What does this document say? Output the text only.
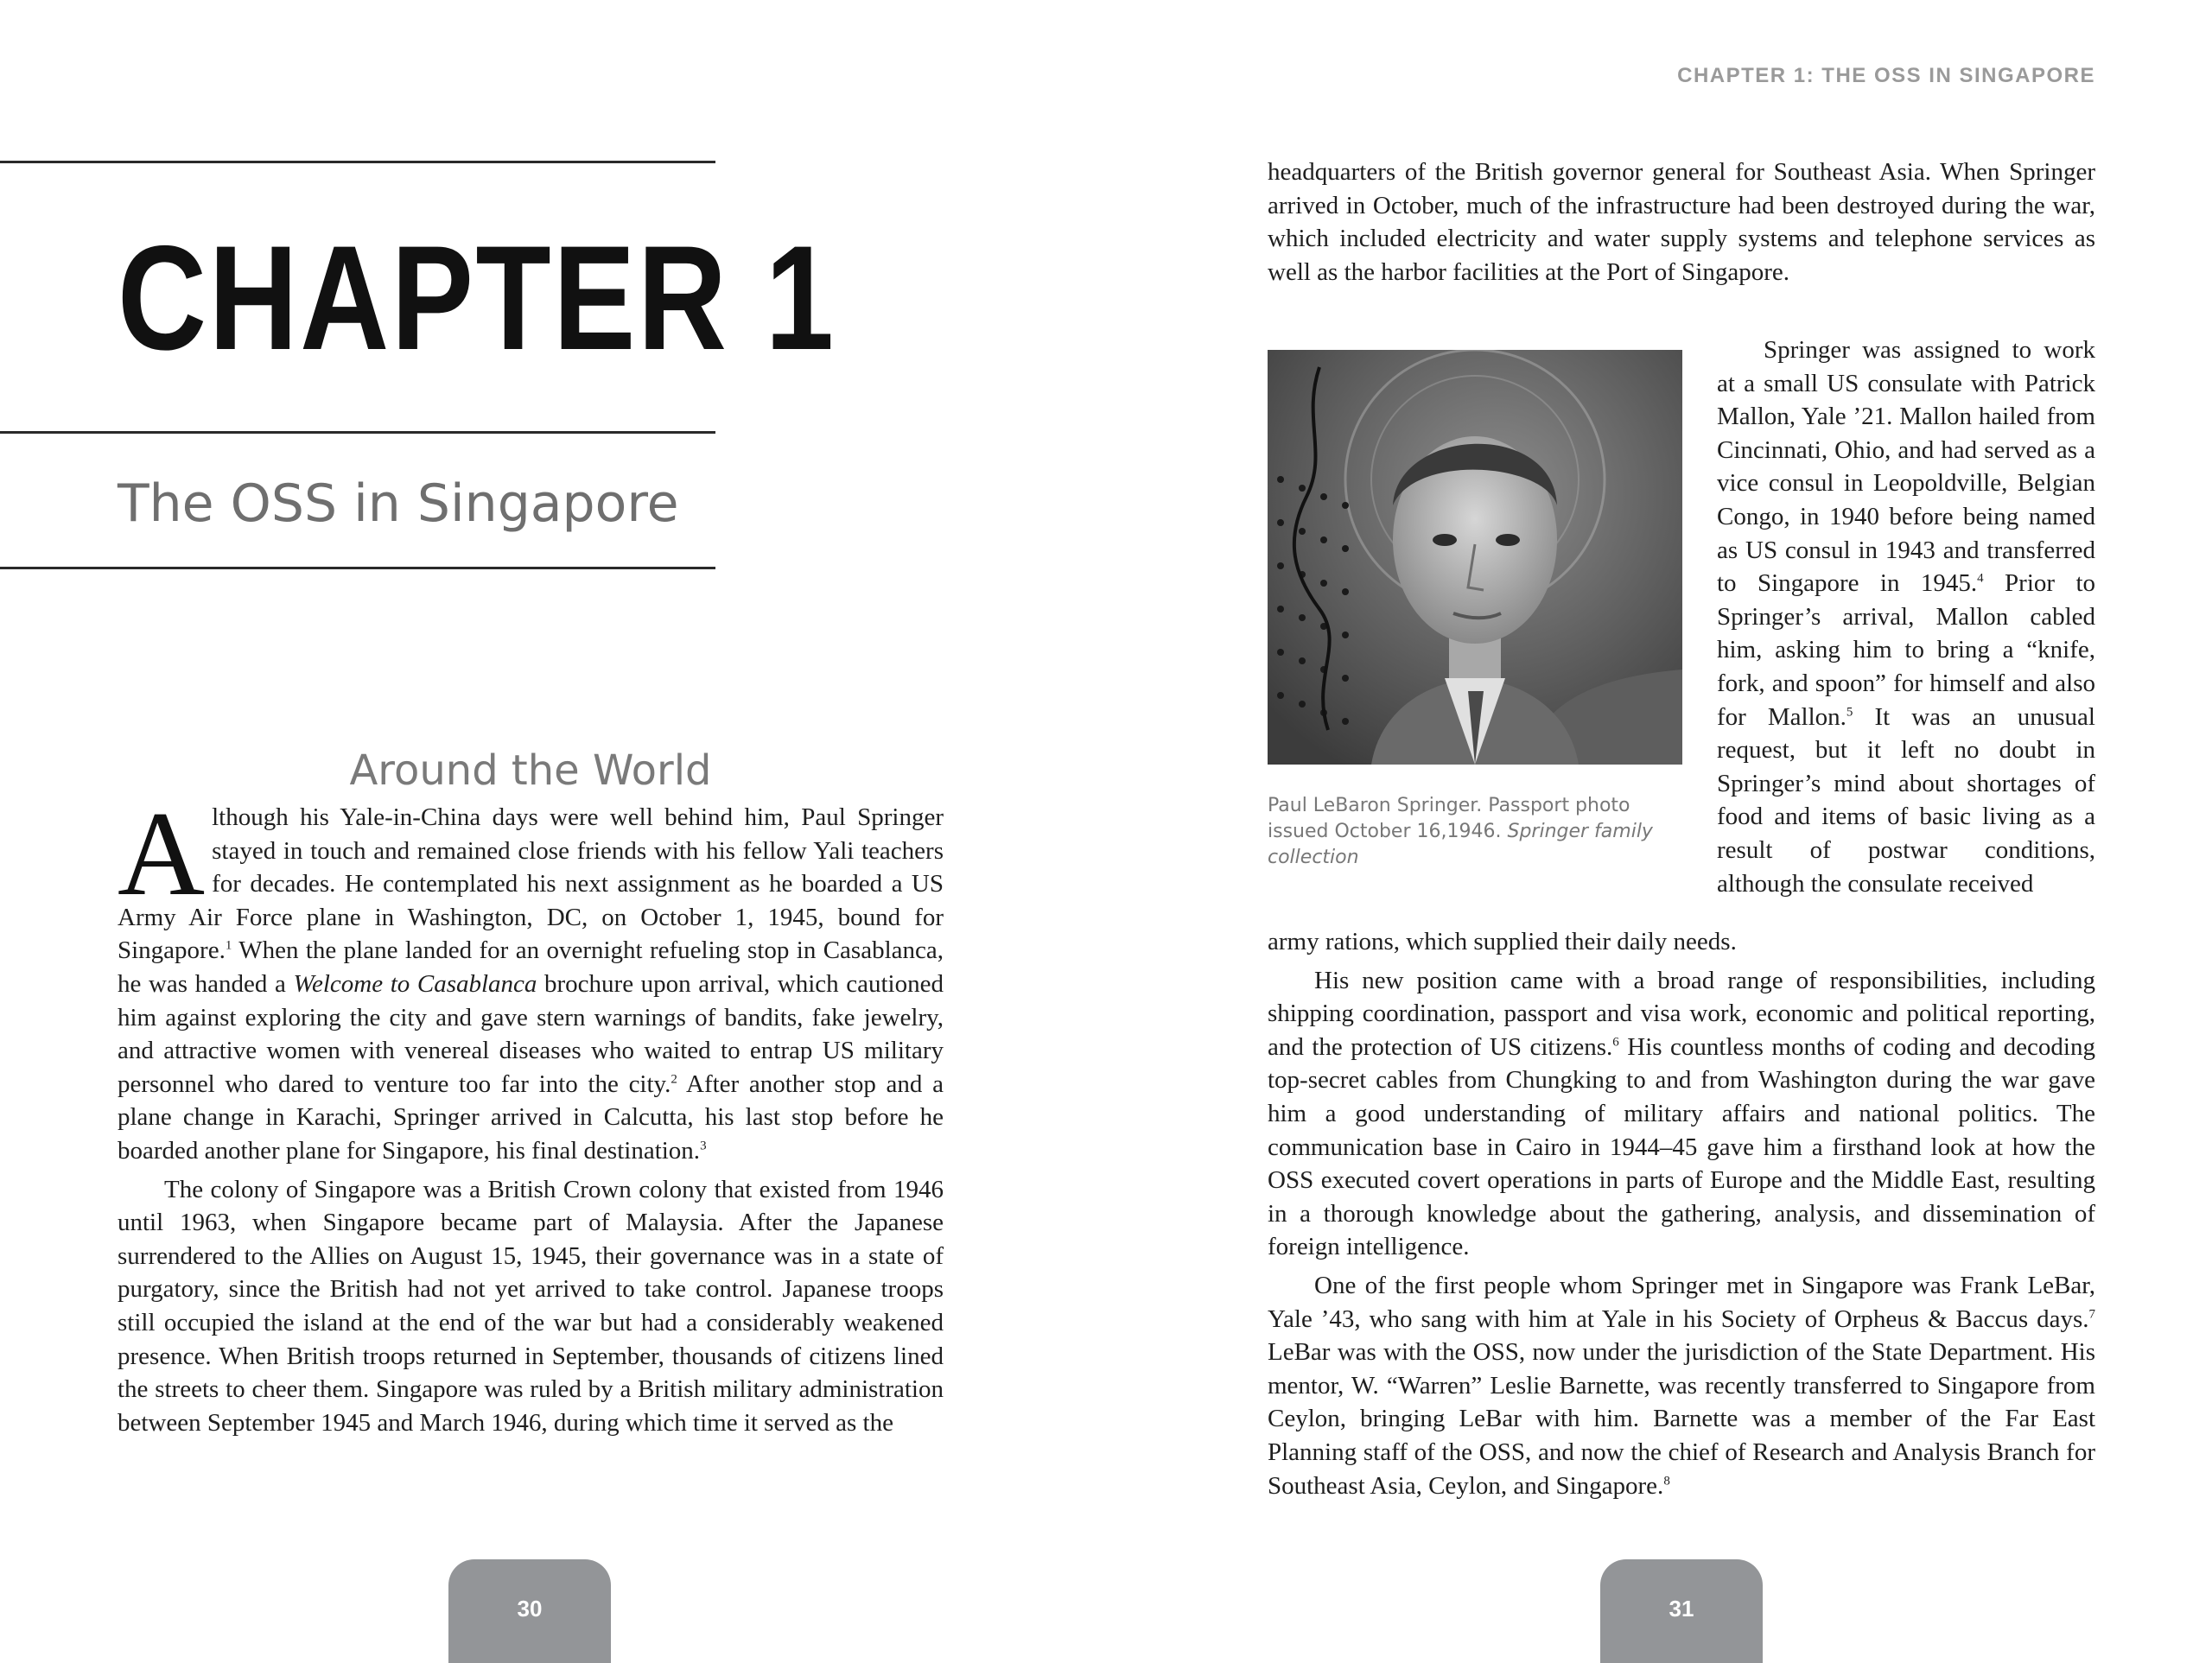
CHAPTER 1
The OSS in Singapore
Around the World

Although his Yale-in-China days were well behind him, Paul Springer stayed in touch and remained close friends with his fellow Yali teachers for decades. He contemplated his next assignment as he boarded a US Army Air Force plane in Washington, DC, on October 1, 1945, bound for Singapore.$^1$ When the plane landed for an overnight refueling stop in Casablanca, he was handed a Welcome to Casablanca brochure upon arrival, which cautioned him against exploring the city and gave stern warnings of bandits, fake jewelry, and attractive women with venereal diseases who waited to entrap US military personnel who dared to venture too far into the city.$^2$ After another stop and a plane change in Karachi, Springer arrived in Calcutta, his last stop before he boarded another plane for Singapore, his final destination.$^3$

The colony of Singapore was a British Crown colony that existed from 1946 until 1963, when Singapore became part of Malaysia. After the Japanese surrendered to the Allies on August 15, 1945, their governance was in a state of purgatory, since the British had not yet arrived to take control. Japanese troops still occupied the island at the end of the war but had a considerably weakened presence. When British troops returned in September, thousands of citizens lined the streets to cheer them. Singapore was ruled by a British military administration between September 1945 and March 1946, during which time it served as the

30
CHAPTER 1: THE OSS IN SINGAPORE

headquarters of the British governor general for Southeast Asia. When Springer arrived in October, much of the infrastructure had been destroyed during the war, which included electricity and water supply systems and telephone services as well as the harbor facilities at the Port of Singapore.

Paul LeBaron Springer. Passport photo issued October 16,1946. Springer family collection

Springer was assigned to work at a small US consulate with Patrick Mallon, Yale ’21. Mallon hailed from Cincinnati, Ohio, and had served as a vice consul in Leopoldville, Belgian Congo, in 1940 before being named as US consul in 1943 and transferred to Singapore in 1945.$^4$ Prior to Springer’s arrival, Mallon cabled him, asking him to bring a “knife, fork, and spoon” for himself and also for Mallon.$^5$ It was an unusual request, but it left no doubt in Springer’s mind about shortages of food and items of basic living as a result of postwar conditions, although the consulate received

army rations, which supplied their daily needs.

His new position came with a broad range of responsibilities, including shipping coordination, passport and visa work, economic and political reporting, and the protection of US citizens.$^6$ His countless months of coding and decoding top-secret cables from Chungking to and from Washington during the war gave him a good understanding of military affairs and national politics. The communication base in Cairo in 1944–45 gave him a firsthand look at how the OSS executed covert operations in parts of Europe and the Middle East, resulting in a thorough knowledge about the gathering, analysis, and dissemination of foreign intelligence.

One of the first people whom Springer met in Singapore was Frank LeBar, Yale ’43, who sang with him at Yale in his Society of Orpheus & Baccus days.$^7$ LeBar was with the OSS, now under the jurisdiction of the State Department. His mentor, W. “Warren” Leslie Barnette, was recently transferred to Singapore from Ceylon, bringing LeBar with him. Barnette was a member of the Far East Planning staff of the OSS, and now the chief of Research and Analysis Branch for Southeast Asia, Ceylon, and Singapore.$^8$

31
